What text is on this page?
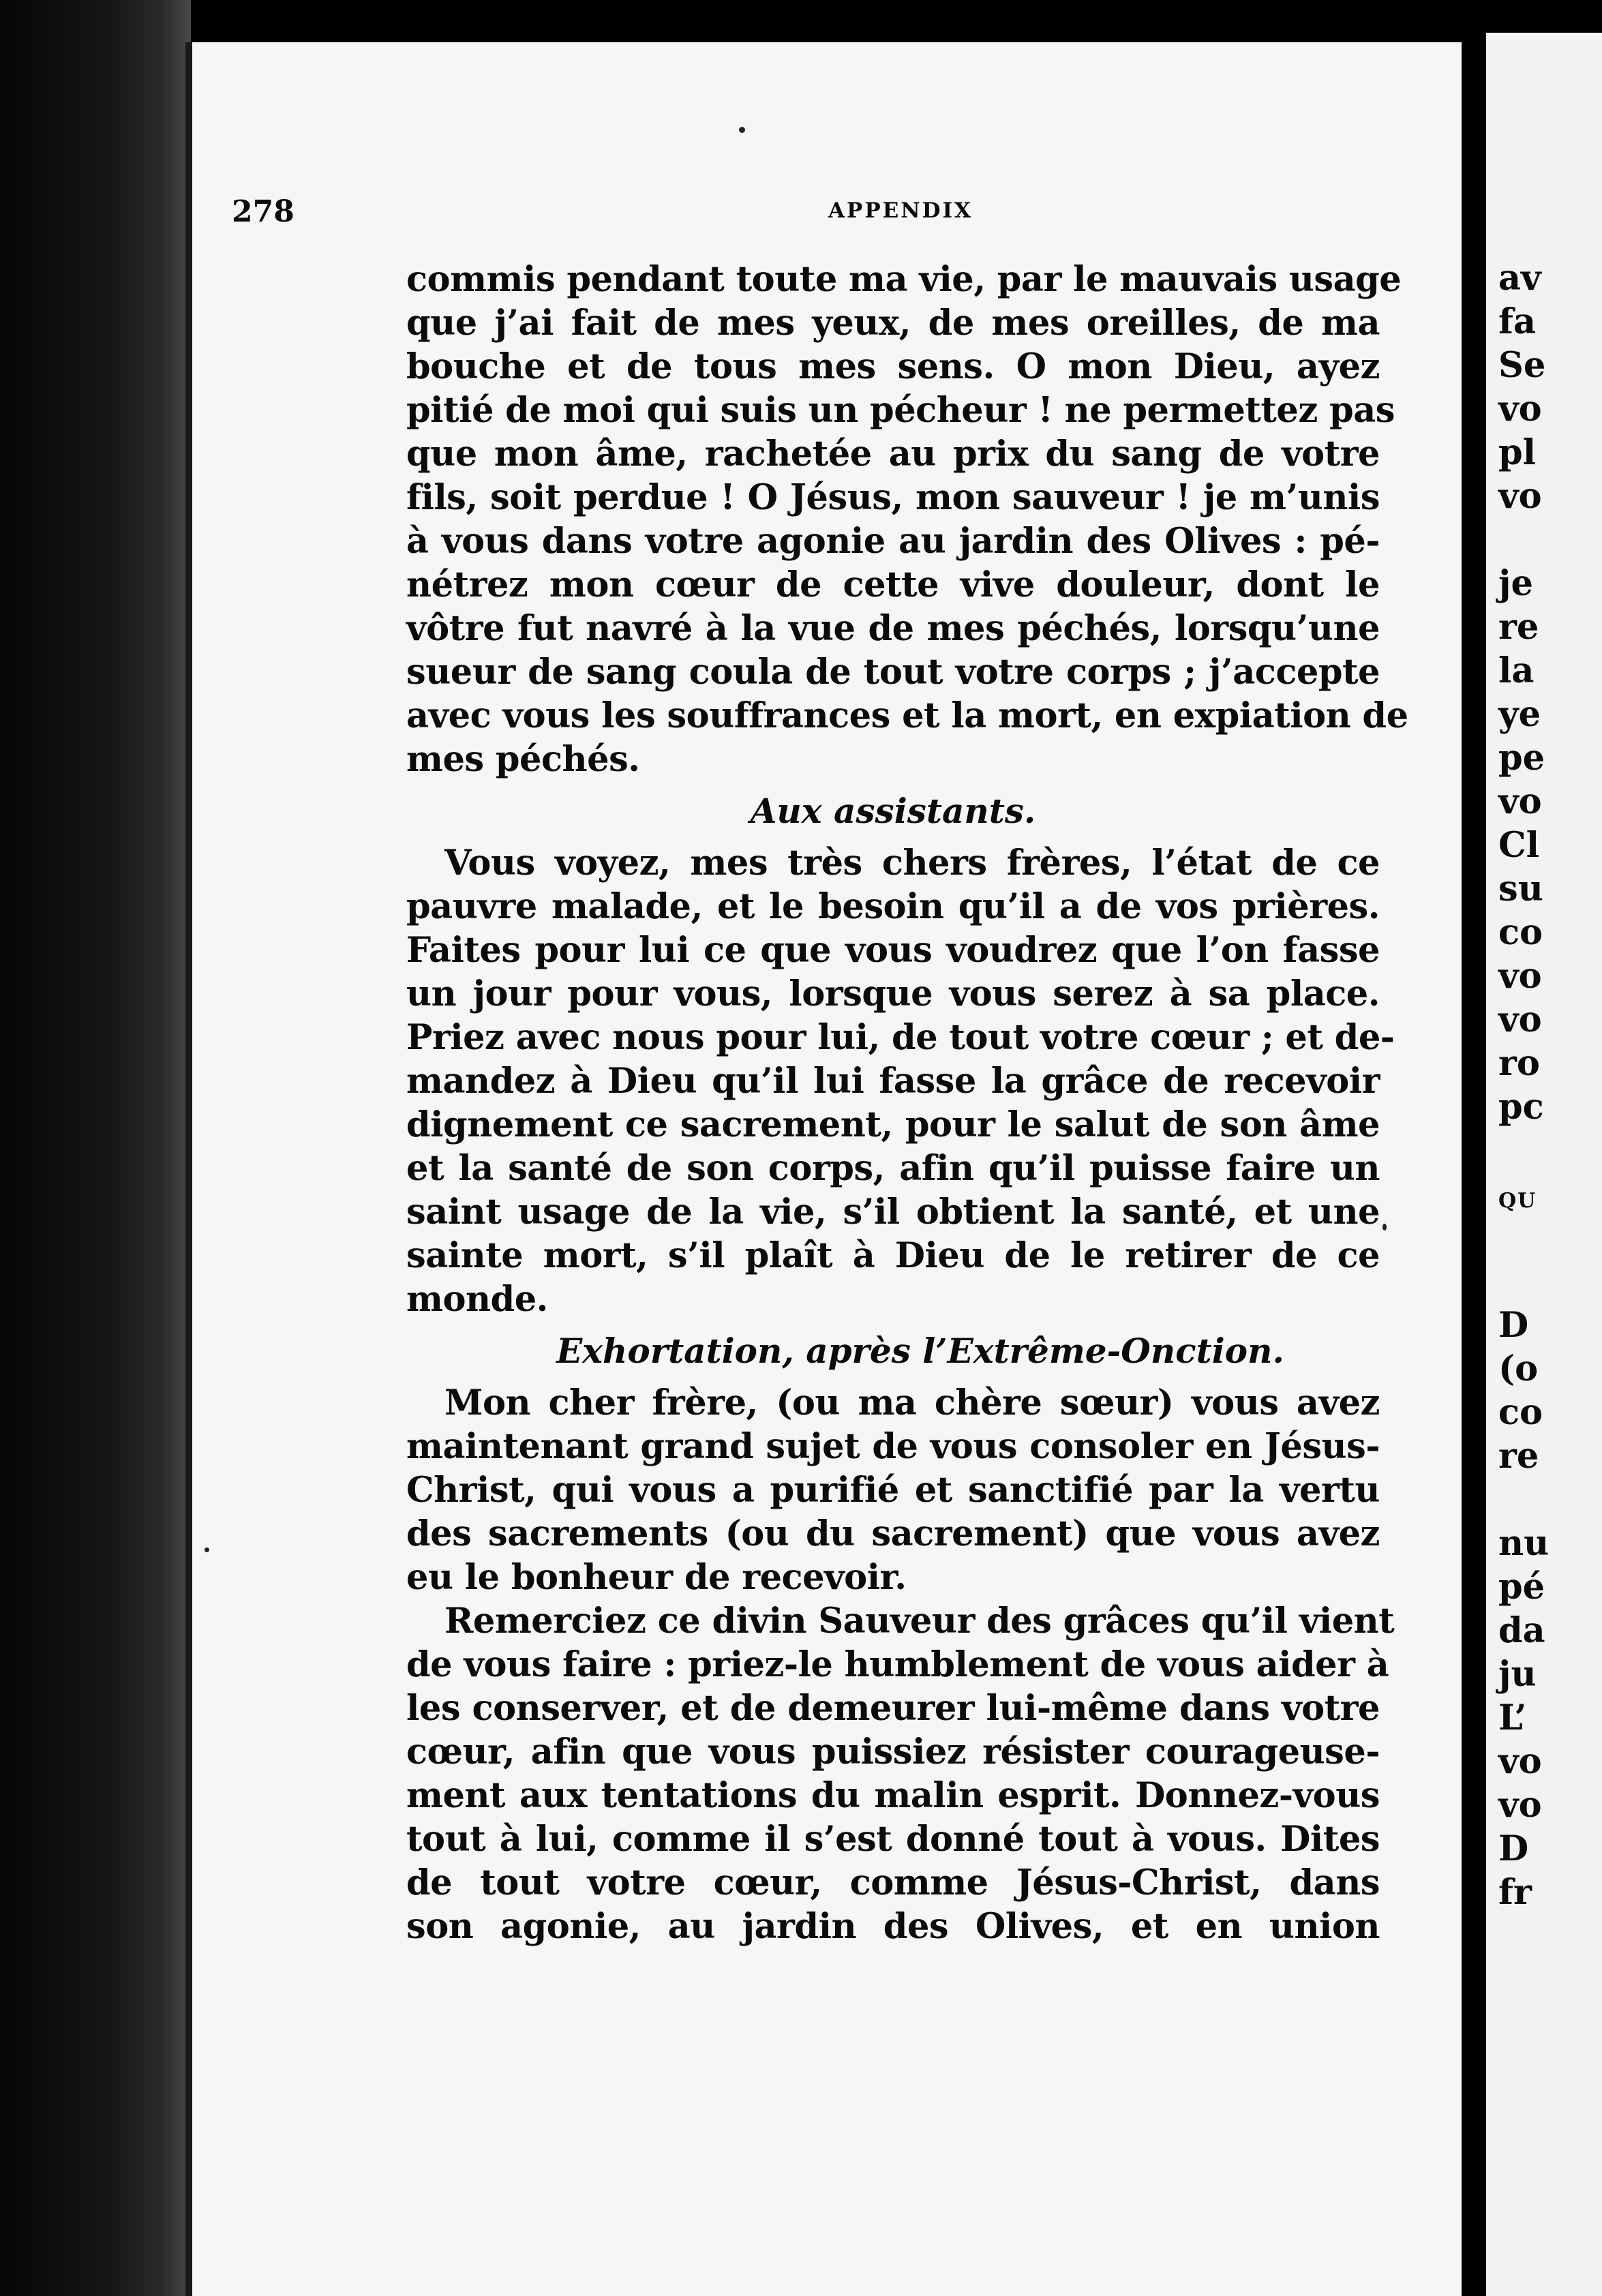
278	APPENDIX
commis pendant toute ma vie, par le mauvais usage
que j’ai fait de mes yeux, de mes oreilles, de ma
bouche et de tous mes sens. O mon Dieu, ayez
pitié de moi qui suis un pécheur ! ne permettez pas
que mon âme, rachetée au prix du sang de votre
fils, soit perdue ! O Jésus, mon sauveur ! je m’unis
à vous dans votre agonie au jardin des Olives : pé-
nétrez mon cœur de cette vive douleur, dont le
vôtre fut navré à la vue de mes péchés, lorsqu’une
sueur de sang coula de tout votre corps ; j’accepte
avec vous les souffrances et la mort, en expiation de
mes péchés.
Aux assistants.
Vous voyez, mes très chers frères, l’état de ce
pauvre malade, et le besoin qu’il a de vos prières.
Faites pour lui ce que vous voudrez que l’on fasse
un jour pour vous, lorsque vous serez à sa place.
Priez avec nous pour lui, de tout votre cœur ; et de-
mandez à Dieu qu’il lui fasse la grâce de recevoir
dignement ce sacrement, pour le salut de son âme
et la santé de son corps, afin qu’il puisse faire un
saint usage de la vie, s’il obtient la santé, et une
sainte mort, s’il plaît à Dieu de le retirer de ce
monde.
Exhortation, après l’Extrême-Onction.
Mon cher frère, (ou ma chère sœur) vous avez
maintenant grand sujet de vous consoler en Jésus-
Christ, qui vous a purifié et sanctifié par la vertu
des sacrements (ou du sacrement) que vous avez
eu le bonheur de recevoir.
Remerciez ce divin Sauveur des grâces qu’il vient
de vous faire : priez-le humblement de vous aider à
les conserver, et de demeurer lui-même dans votre
cœur, afin que vous puissiez résister courageuse-
ment aux tentations du malin esprit. Donnez-vous
tout à lui, comme il s’est donné tout à vous. Dites
de tout votre cœur, comme Jésus-Christ, dans
son agonie, au jardin des Olives, et en union
av
fa
Se
vo
pl
vo
je
re
la
ye
pe
vo
Cl
su
co
vo
vo
ro
pc
QU
D
(o
co
re
nu
pé
da
ju
L’
vo
vo
D
fr
